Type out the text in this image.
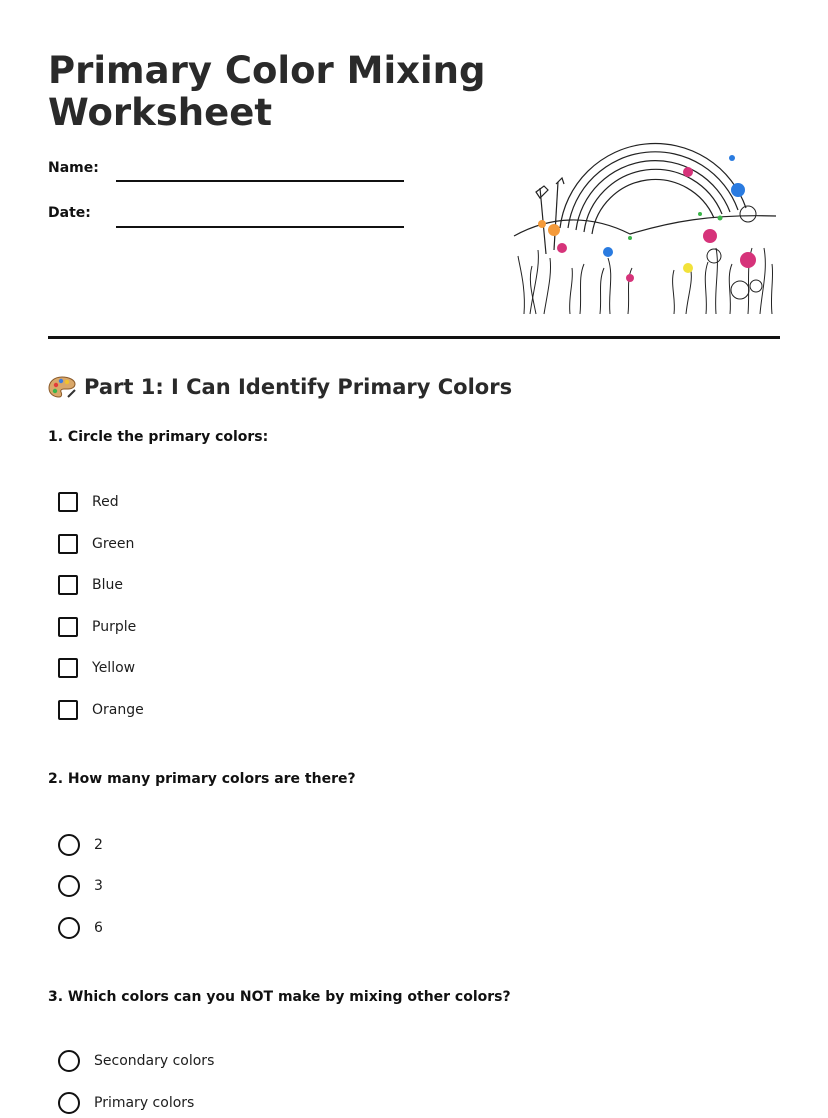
Primary Color Mixing Worksheet
Name:
Date:
Part 1: I Can Identify Primary Colors
1. Circle the primary colors:
Red
Green
Blue
Purple
Yellow
Orange
2. How many primary colors are there?
2
3
6
3. Which colors can you NOT make by mixing other colors?
Secondary colors
Primary colors
